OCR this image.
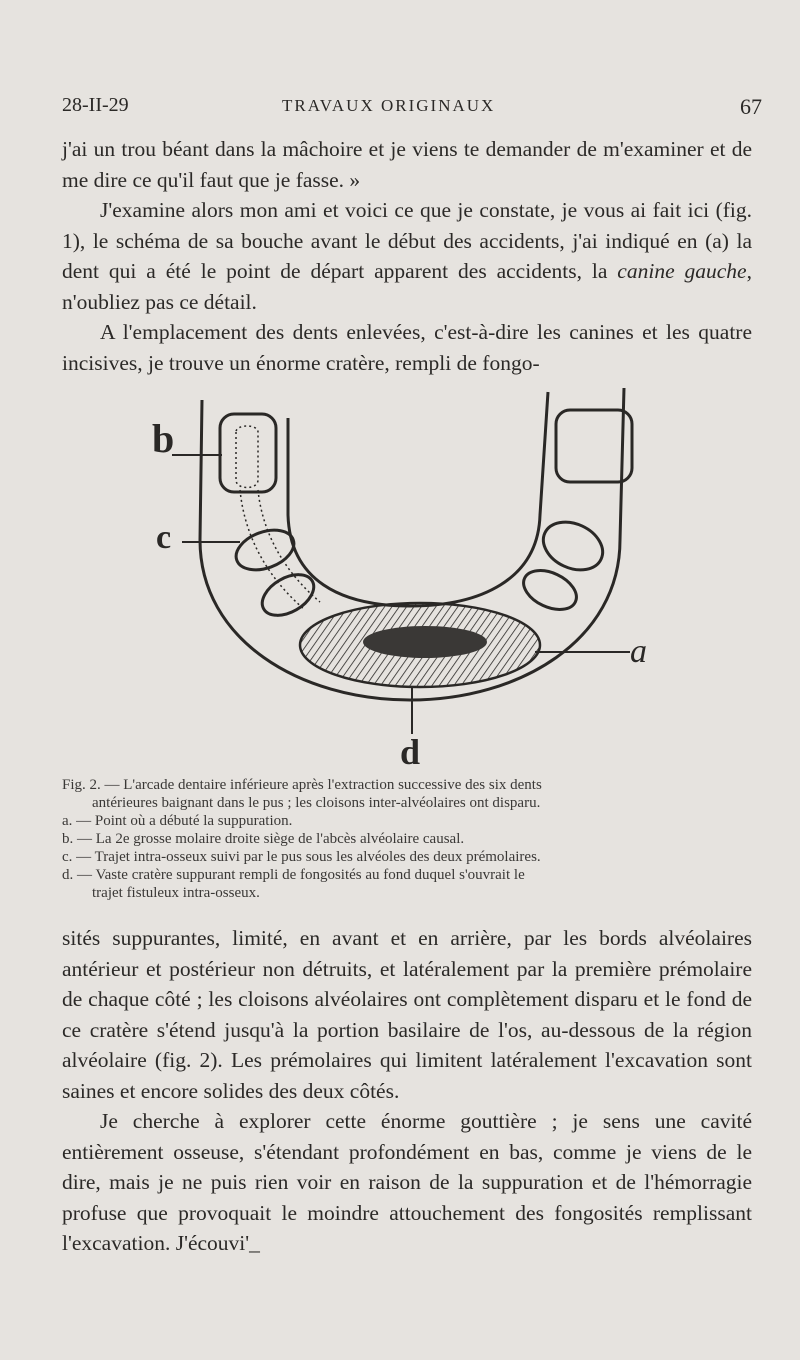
28-II-29	TRAVAUX ORIGINAUX	67

j'ai un trou béant dans la mâchoire et je viens te demander de m'examiner et de me dire ce qu'il faut que je fasse. »

J'examine alors mon ami et voici ce que je constate, je vous ai fait ici (fig. 1), le schéma de sa bouche avant le début des accidents, j'ai indiqué en (a) la dent qui a été le point de départ apparent des accidents, la canine gauche, n'oubliez pas ce détail.

A l'emplacement des dents enlevées, c'est-à-dire les canines et les quatre incisives, je trouve un énorme cratère, rempli de fongo-

b
c
a
d
Fig. 2. — L'arcade dentaire inférieure après l'extraction successive des six dents
antérieures baignant dans le pus ; les cloisons inter-alvéolaires ont disparu.
a. — Point où a débuté la suppuration.
b. — La 2e grosse molaire droite siège de l'abcès alvéolaire causal.
c. — Trajet intra-osseux suivi par le pus sous les alvéoles des deux prémolaires.
d. — Vaste cratère suppurant rempli de fongosités au fond duquel s'ouvrait le
trajet fistuleux intra-osseux.

sités suppurantes, limité, en avant et en arrière, par les bords alvéolaires antérieur et postérieur non détruits, et latéralement par la première prémolaire de chaque côté ; les cloisons alvéolaires ont complètement disparu et le fond de ce cratère s'étend jusqu'à la portion basilaire de l'os, au-dessous de la région alvéolaire (fig. 2). Les prémolaires qui limitent latéralement l'excavation sont saines et encore solides des deux côtés.

Je cherche à explorer cette énorme gouttière ; je sens une cavité entièrement osseuse, s'étendant profondément en bas, comme je viens de le dire, mais je ne puis rien voir en raison de la suppuration et de l'hémorragie profuse que provoquait le moindre attouchement des fongosités remplissant l'excavation. J'écouvi'_
